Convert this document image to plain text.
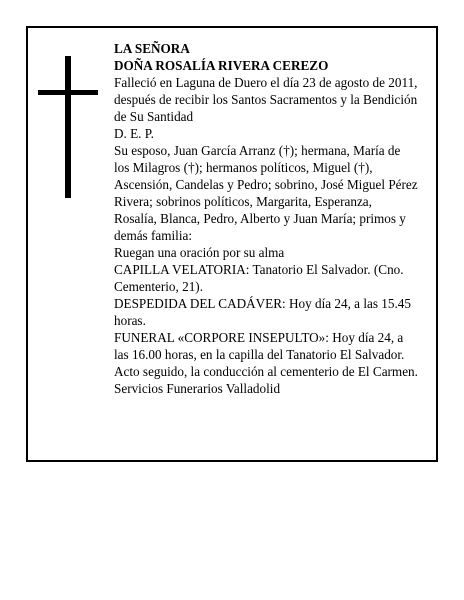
LA SEÑORA

DOÑA ROSALÍA RIVERA CEREZO

Falleció en Laguna de Duero el día 23 de agosto de 2011, después de recibir los Santos Sacramentos y la Bendición de Su Santidad

D. E. P.

Su esposo, Juan García Arranz (†); hermana, María de los Milagros (†); hermanos políticos, Miguel (†), Ascensión, Candelas y Pedro; sobrino, José Miguel Pérez Rivera; sobrinos políticos, Margarita, Esperanza, Rosalía, Blanca, Pedro, Alberto y Juan María; primos y demás familia:

Ruegan una oración por su alma

CAPILLA VELATORIA: Tanatorio El Salvador. (Cno. Cementerio, 21).

DESPEDIDA DEL CADÁVER: Hoy día 24, a las 15.45 horas.

FUNERAL «CORPORE INSEPULTO»: Hoy día 24, a las 16.00 horas, en la capilla del Tanatorio El Salvador. Acto seguido, la conducción al cementerio de El Carmen.

Servicios Funerarios Valladolid
